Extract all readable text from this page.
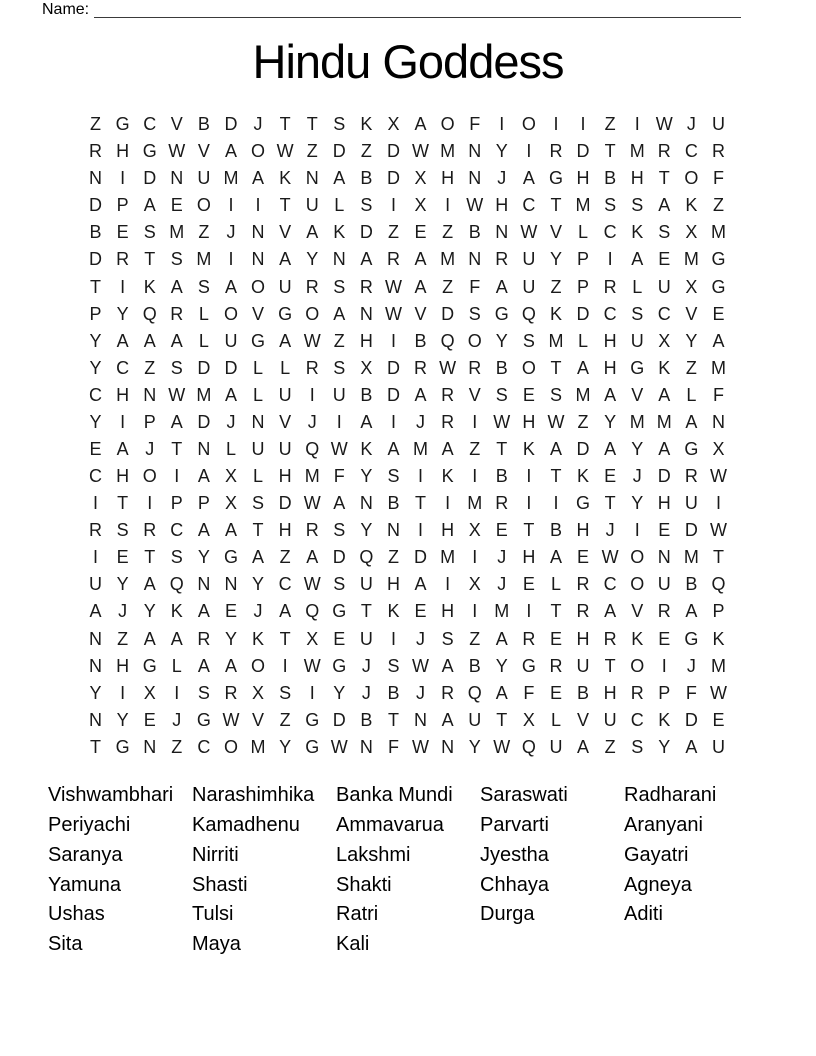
Name:
Hindu Goddess
Z G C V B D J T T S K X A O F	I O I	I	Z	I W J U
R H G W V A O W Z D Z D W M N Y	I	R D T M R C R
N	I	D N U M A K N A B D X H N J A G H B H T O F
D P A E O I	I	T U L S	I	X	I W H C T M S S A K Z
B E S M Z J N V A K D Z E Z B N W V L C K S X M
D R T S M I	N A Y N A R A M N R U Y P	I	A E M G
T	I	K A S A O U R S R W A Z F A U Z P R L U X G
P Y Q R L O V G O A N W V D S G Q K D C S C V E
Y A A A L U G A W Z H	I	B Q O Y S M L H U X Y A
Y C Z S D D L L R S X D R W R B O T A H G K Z M
C H N W M A L U	I	U B D A R V S E S M A V A L F
Y	I	P A D J N V J	I	A	I	J R	I W H W Z Y M M A N
E A J T N L U U Q W K A M A Z T K A D A Y A G X
C H O I	A X L H M F Y S	I	K	I	B	I	T K E J D R W
I	T	I	P P X S D W A N B T	I M R	I	I G T Y H U	I
R S R C A A T H R S Y N	I	H X E T B H J	I	E D W
I	E T S Y G A Z A D Q Z D M I	J H A E W O N M T
U Y A Q N N Y C W S U H A	I	X J E L R C O U B Q
A J Y K A E J A Q G T K E H	I M I	T R A V R A P
N Z A A R Y K T X E U	I	J S Z A R E H R K E G K
N H G L A A O I W G J S W A B Y G R U T O I	J M
Y	I	X	I	S R X S	I	Y J B J R Q A F E B H R P F W
N Y E J G W V Z G D B T N A U T X L V U C K D E
T G N Z C O M Y G W N F W N Y W Q U A Z S Y A U
Vishwambhari
Periyachi
Saranya
Yamuna
Ushas
Sita
Narashimhika
Kamadhenu
Nirriti
Shasti
Tulsi
Maya
Banka Mundi
Ammavarua
Lakshmi
Shakti
Ratri
Kali
Saraswati
Parvarti
Jyestha
Chhaya
Durga
Radharani
Aranyani
Gayatri
Agneya
Aditi
